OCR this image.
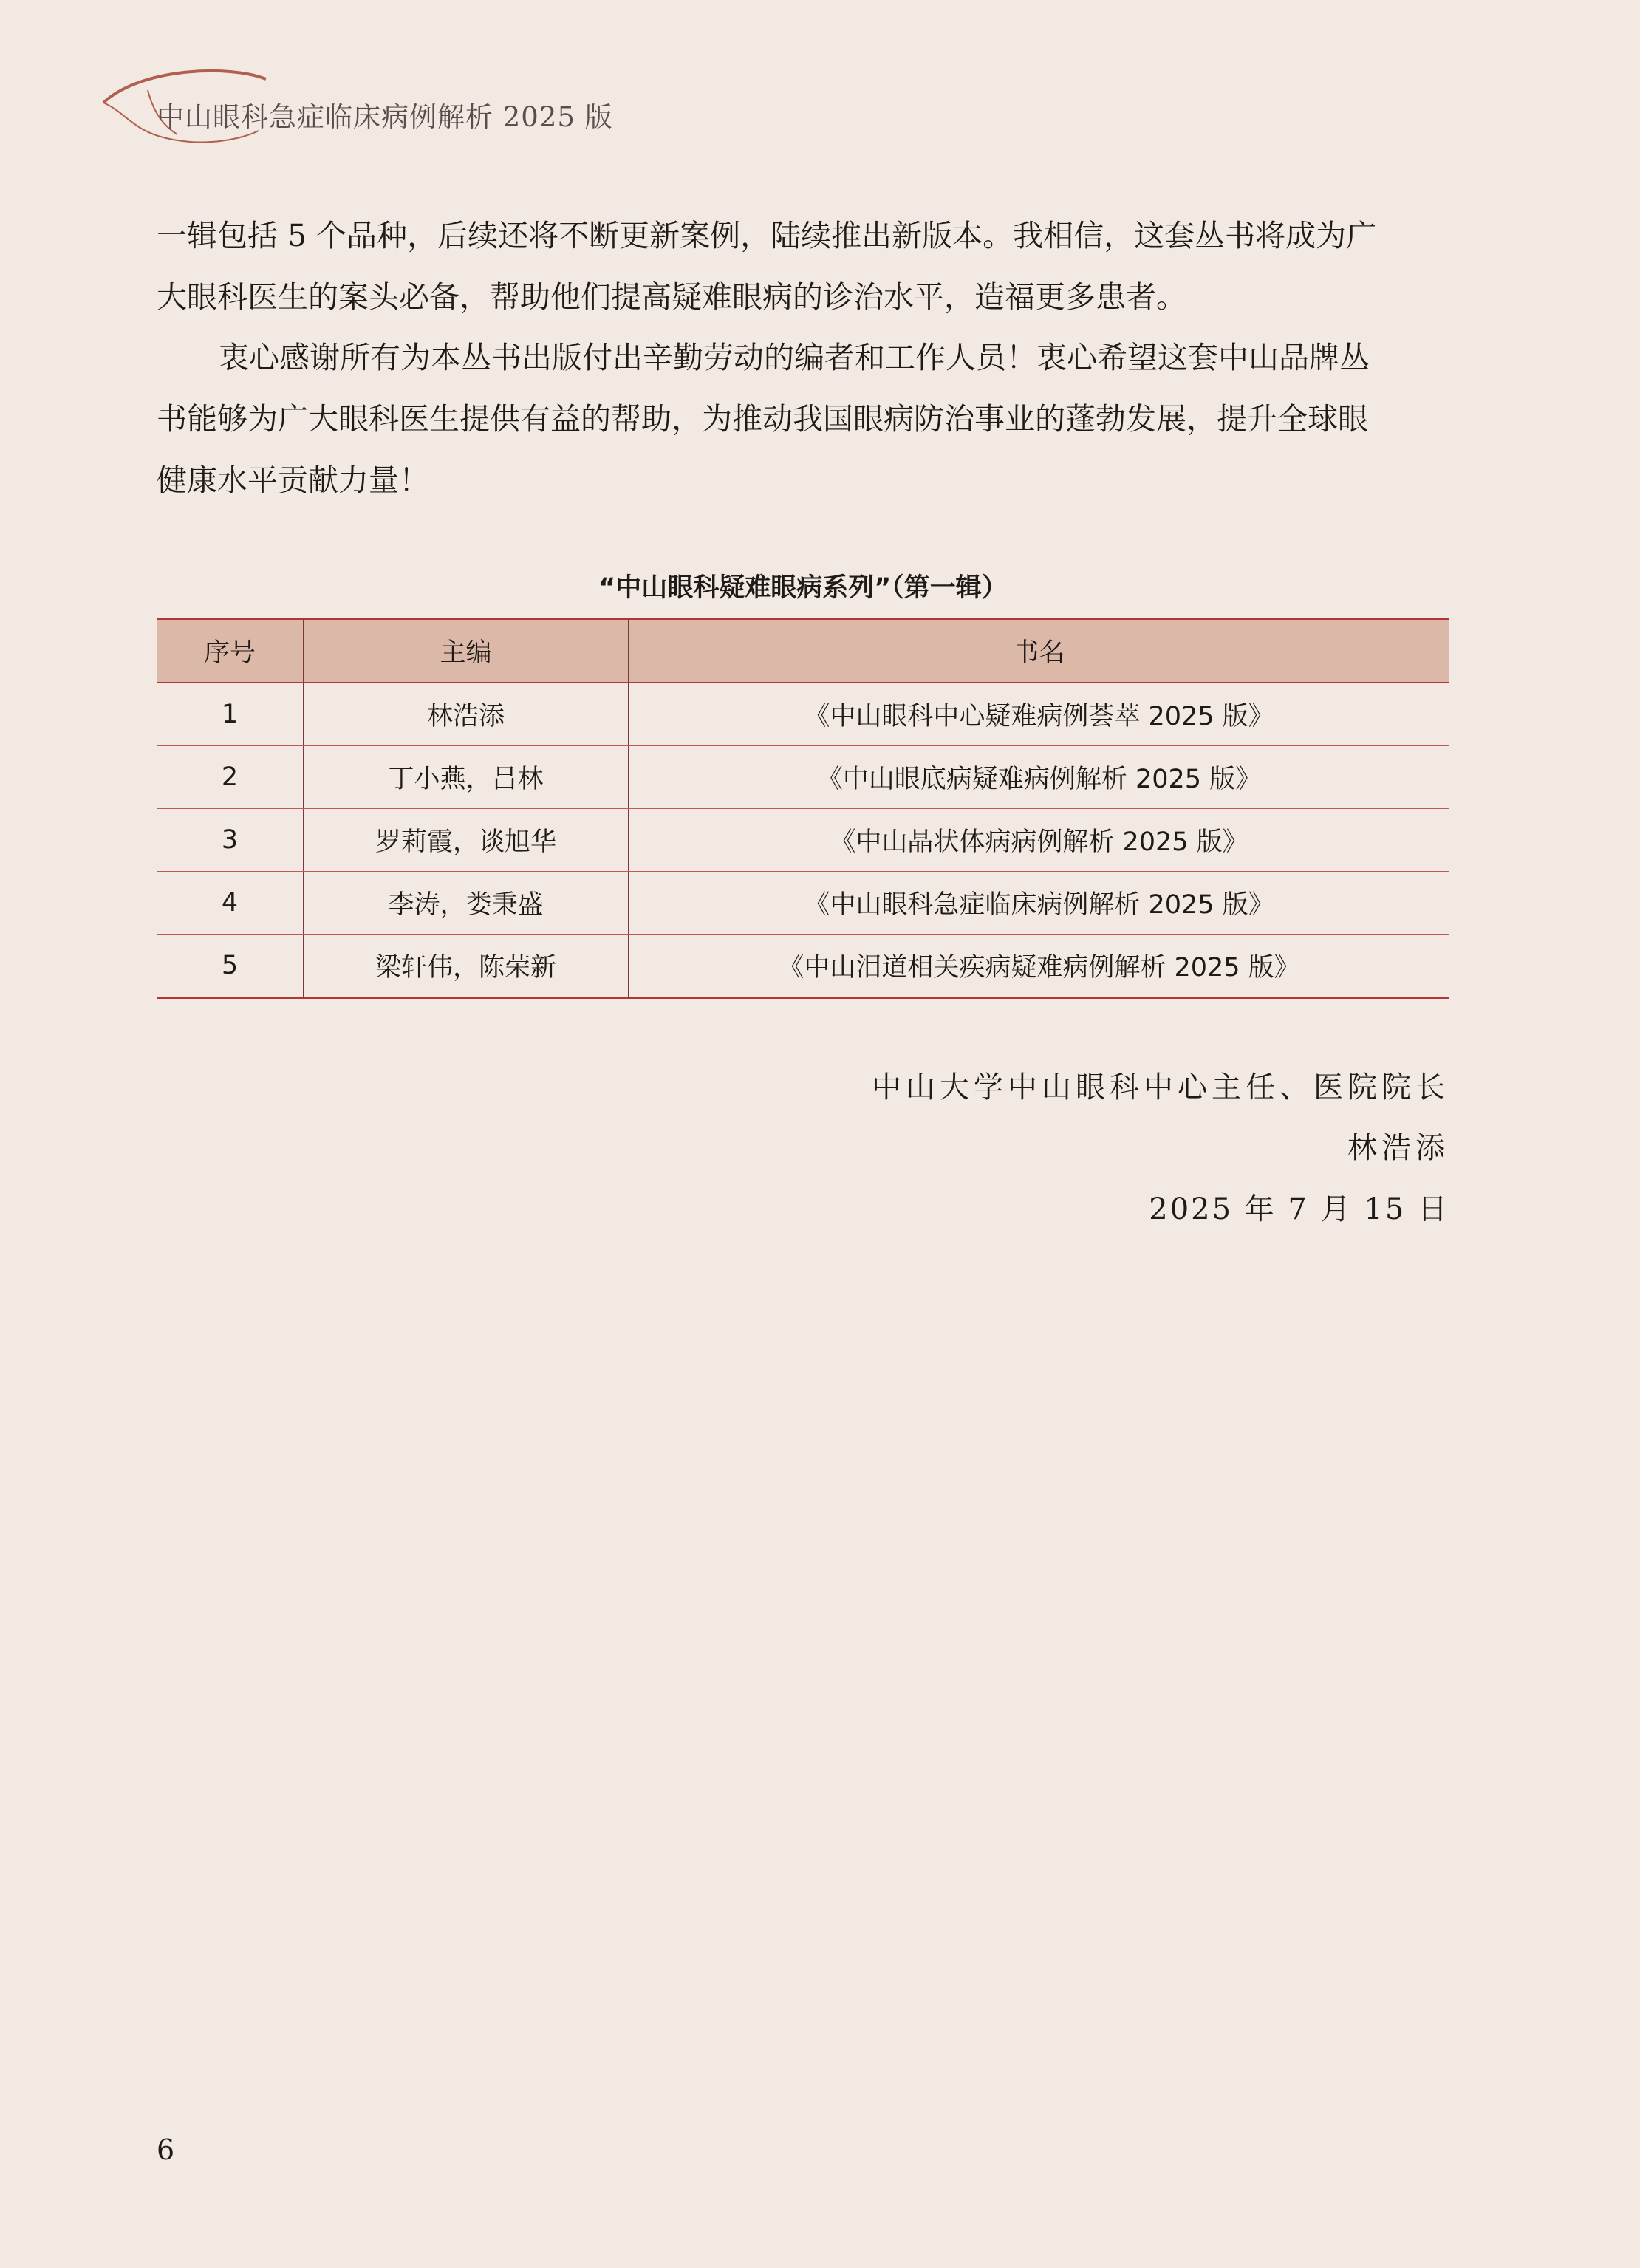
中山眼科急症临床病例解析 2025 版
一辑包括 5 个品种，后续还将不断更新案例，陆续推出新版本。我相信，这套丛书将成为广
大眼科医生的案头必备，帮助他们提高疑难眼病的诊治水平，造福更多患者。
衷心感谢所有为本丛书出版付出辛勤劳动的编者和工作人员！衷心希望这套中山品牌丛
书能够为广大眼科医生提供有益的帮助，为推动我国眼病防治事业的蓬勃发展，提升全球眼
健康水平贡献力量！
“中山眼科疑难眼病系列”（第一辑）
序号	主编	书名
1	林浩添	《中山眼科中心疑难病例荟萃 2025 版》
2	丁小燕，吕林	《中山眼底病疑难病例解析 2025 版》
3	罗莉霞，谈旭华	《中山晶状体病病例解析 2025 版》
4	李涛，娄秉盛	《中山眼科急症临床病例解析 2025 版》
5	梁轩伟，陈荣新	《中山泪道相关疾病疑难病例解析 2025 版》
中山大学中山眼科中心主任、医院院长
林浩添
2025 年 7 月 15 日
6
